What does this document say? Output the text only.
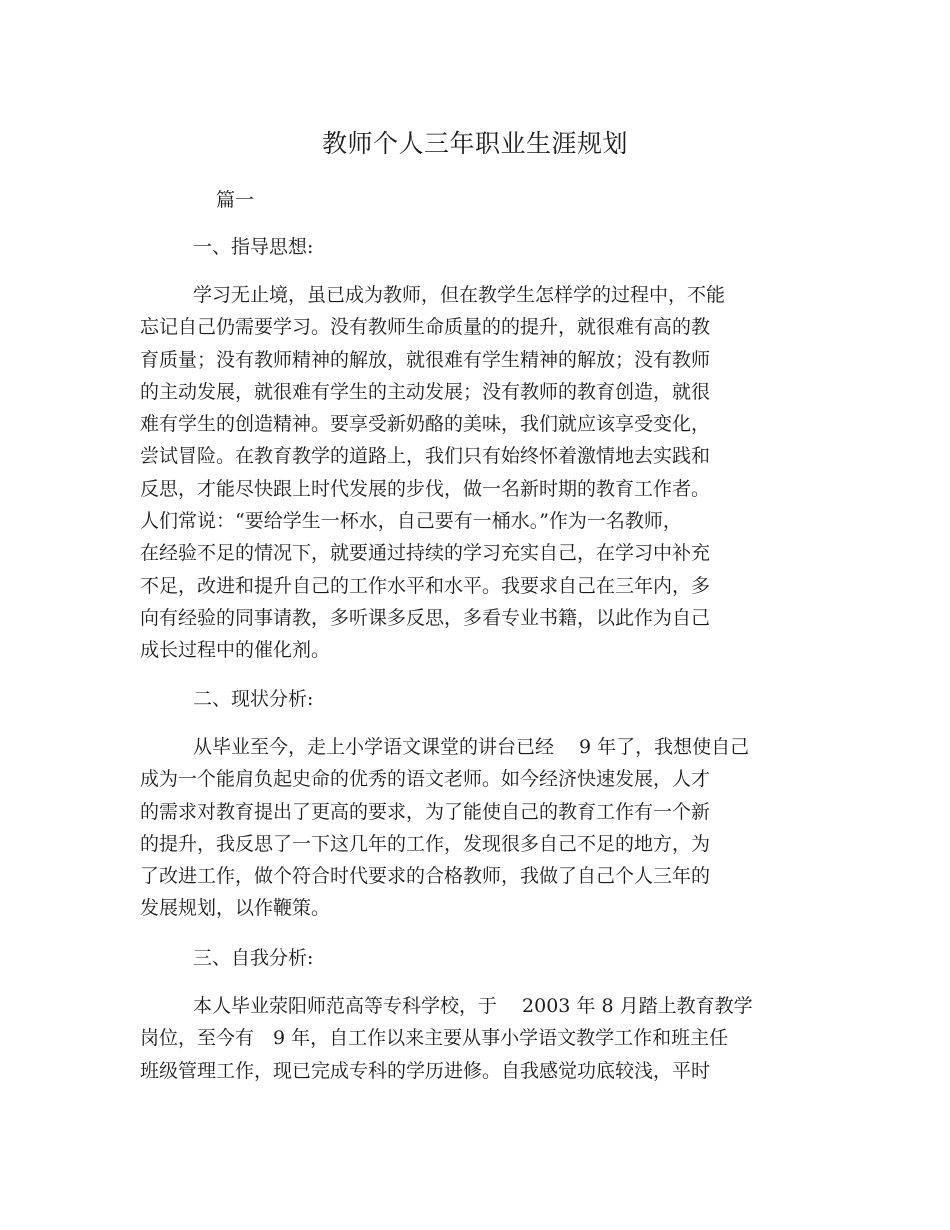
教师个人三年职业生涯规划
篇一
一、指导思想:
学习无止境，虽已成为教师，但在教学生怎样学的过程中，不能
忘记自己仍需要学习。没有教师生命质量的的提升，就很难有高的教
育质量；没有教师精神的解放，就很难有学生精神的解放；没有教师
的主动发展，就很难有学生的主动发展；没有教师的教育创造，就很
难有学生的创造精神。要享受新奶酪的美味，我们就应该享受变化，
尝试冒险。在教育教学的道路上，我们只有始终怀着激情地去实践和
反思，才能尽快跟上时代发展的步伐，做一名新时期的教育工作者。
人们常说：“要给学生一杯水，自己要有一桶水。”作为一名教师，
在经验不足的情况下，就要通过持续的学习充实自己，在学习中补充
不足，改进和提升自己的工作水平和水平。我要求自己在三年内，多
向有经验的同事请教，多听课多反思，多看专业书籍，以此作为自己
成长过程中的催化剂。
二、现状分析:
从毕业至今，走上小学语文课堂的讲台已经　 9 年了，我想使自己
成为一个能肩负起史命的优秀的语文老师。如今经济快速发展，人才
的需求对教育提出了更高的要求，为了能使自己的教育工作有一个新
的提升，我反思了一下这几年的工作，发现很多自己不足的地方，为
了改进工作，做个符合时代要求的合格教师，我做了自己个人三年的
发展规划，以作鞭策。
三、自我分析:
本人毕业荥阳师范高等专科学校，于　 2003 年 8 月踏上教育教学
岗位，至今有　9 年，自工作以来主要从事小学语文教学工作和班主任
班级管理工作，现已完成专科的学历进修。自我感觉功底较浅，平时
